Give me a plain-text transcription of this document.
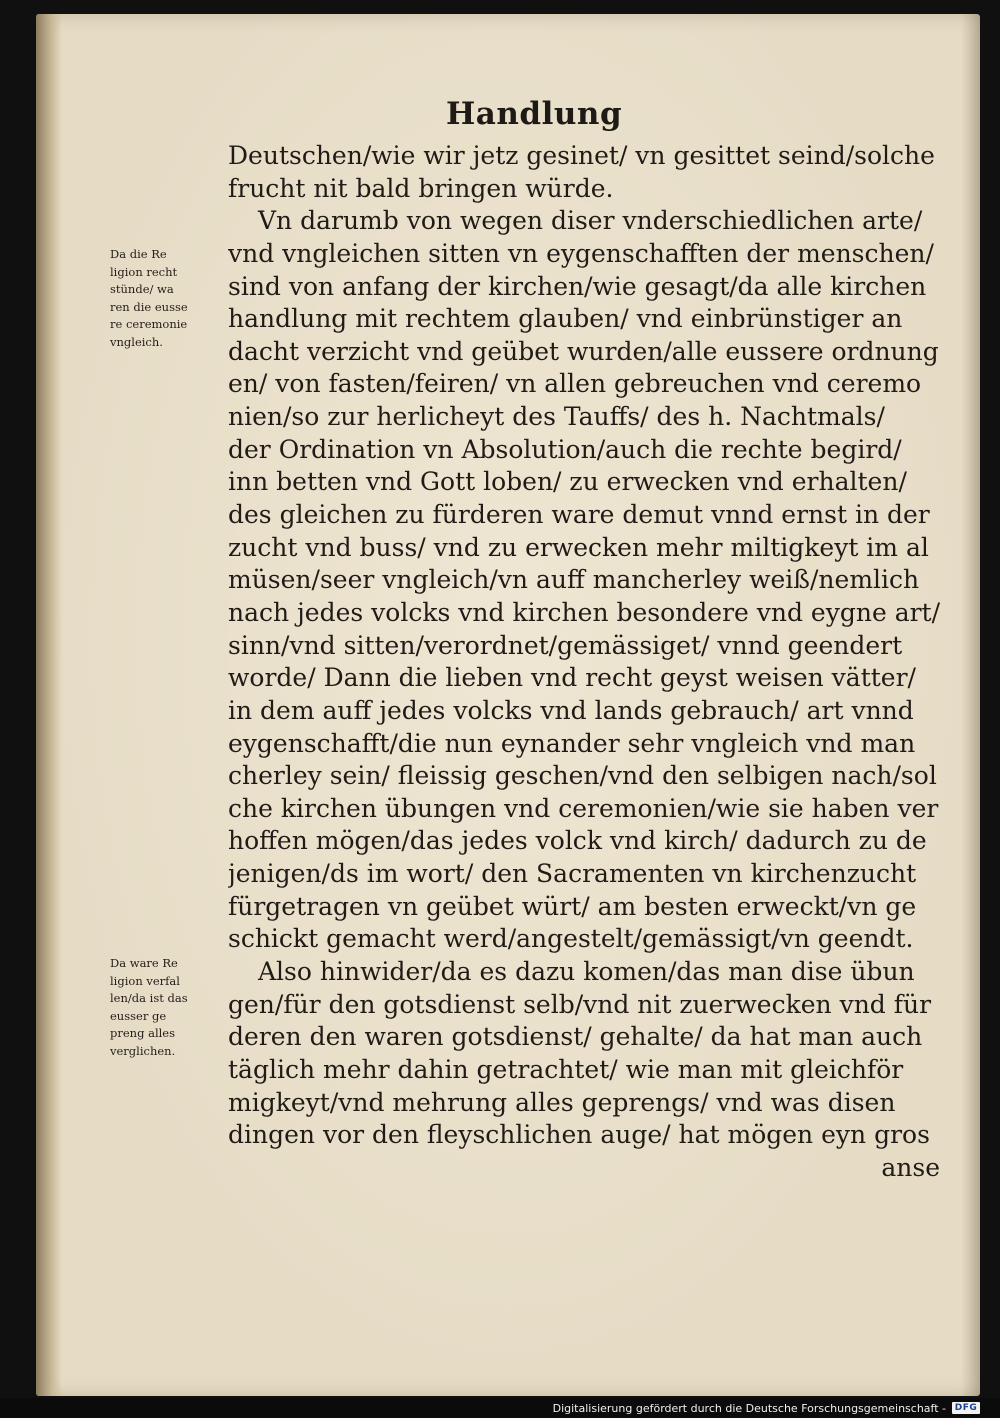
Handlung
Deutschen/wie wir jetz gesinet/ vn gesittet seind/solche
frucht nit bald bringen würde.
Vn darumb von wegen diser vnderschiedlichen arte/
vnd vngleichen sitten vn eygenschafften der menschen/
sind von anfang der kirchen/wie gesagt/da alle kirchen
handlung mit rechtem glauben/ vnd einbrünstiger an
dacht verzicht vnd geübet wurden/alle eussere ordnung
en/ von fasten/feiren/ vn allen gebreuchen vnd ceremo
nien/so zur herlicheyt des Tauffs/ des h. Nachtmals/
der Ordination vn Absolution/auch die rechte begird/
inn betten vnd Gott loben/ zu erwecken vnd erhalten/
des gleichen zu fürderen ware demut vnnd ernst in der
zucht vnd buss/ vnd zu erwecken mehr miltigkeyt im al
müsen/seer vngleich/vn auff mancherley weiß/nemlich
nach jedes volcks vnd kirchen besondere vnd eygne art/
sinn/vnd sitten/verordnet/gemässiget/ vnnd geendert
worde/ Dann die lieben vnd recht geyst weisen vätter/
in dem auff jedes volcks vnd lands gebrauch/ art vnnd
eygenschafft/die nun eynander sehr vngleich vnd man
cherley sein/ fleissig geschen/vnd den selbigen nach/sol
che kirchen übungen vnd ceremonien/wie sie haben ver
hoffen mögen/das jedes volck vnd kirch/ dadurch zu de
jenigen/ds im wort/ den Sacramenten vn kirchenzucht
fürgetragen vn geübet würt/ am besten erweckt/vn ge
schickt gemacht werd/angestelt/gemässigt/vn geendt.
Also hinwider/da es dazu komen/das man dise übun
gen/für den gotsdienst selb/vnd nit zuerwecken vnd für
deren den waren gotsdienst/ gehalte/ da hat man auch
täglich mehr dahin getrachtet/ wie man mit gleichför
migkeyt/vnd mehrung alles geprengs/ vnd was disen
dingen vor den fleyschlichen auge/ hat mögen eyn gros
anse
Da die Re
ligion recht
stünde/ wa
ren die eusse
re ceremonie
vngleich.
Da ware Re
ligion verfal
len/da ist das
eusser ge
preng alles
verglichen.
Digitalisierung gefördert durch die Deutsche Forschungsgemeinschaft - DFG
